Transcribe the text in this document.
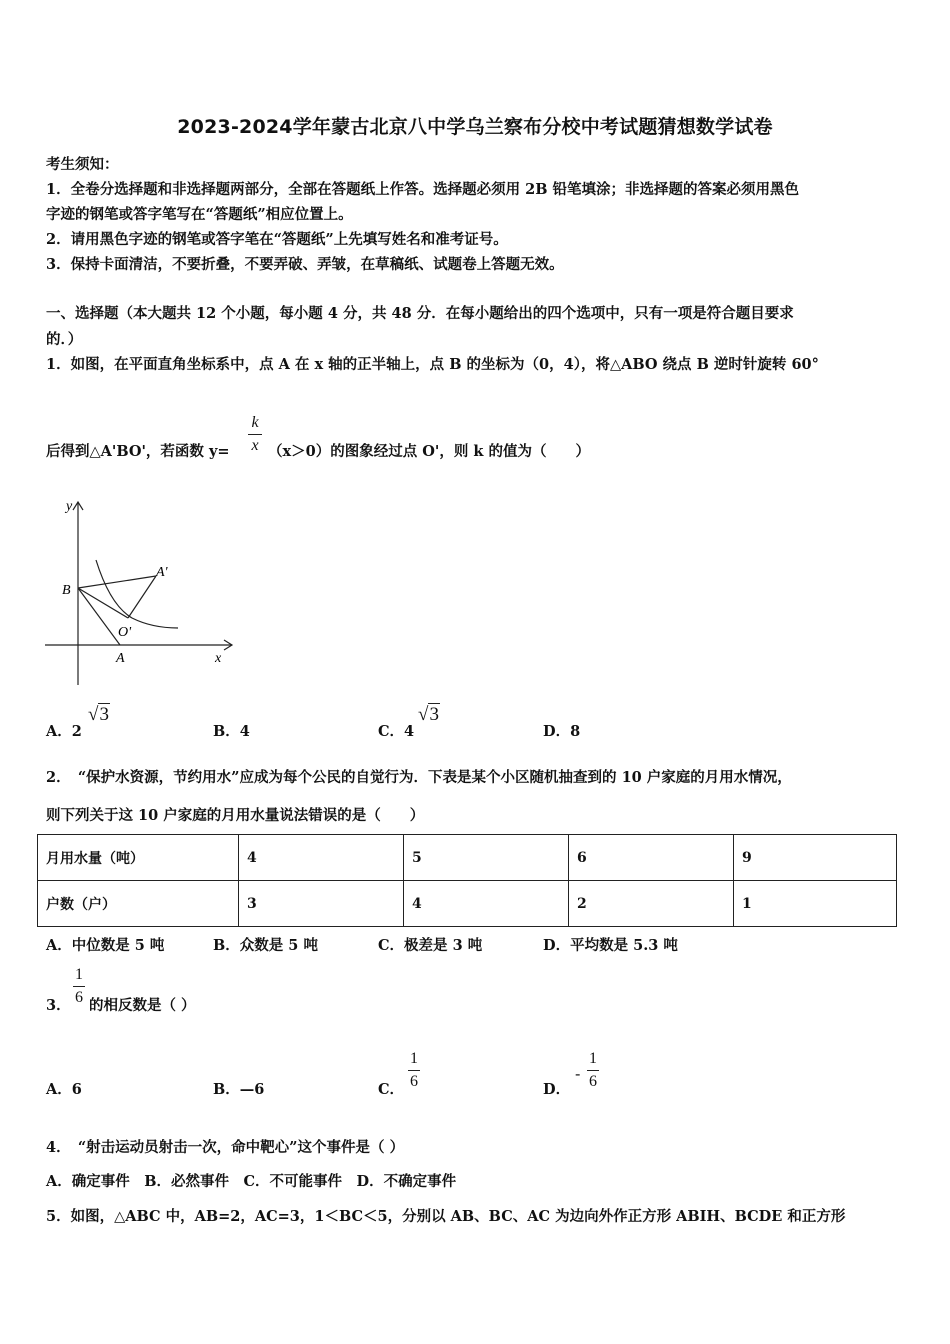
2023-2024学年蒙古北京八中学乌兰察布分校中考试题猜想数学试卷
考生须知：
1．全卷分选择题和非选择题两部分，全部在答题纸上作答。选择题必须用 2B 铅笔填涂；非选择题的答案必须用黑色
字迹的钢笔或答字笔写在“答题纸”相应位置上。
2．请用黑色字迹的钢笔或答字笔在“答题纸”上先填写姓名和准考证号。
3．保持卡面清洁，不要折叠，不要弄破、弄皱，在草稿纸、试题卷上答题无效。
一、选择题（本大题共 12 个小题，每小题 4 分，共 48 分．在每小题给出的四个选项中，只有一项是符合题目要求
的．）
1．如图，在平面直角坐标系中，点 A 在 x 轴的正半轴上，点 B 的坐标为（0，4），将△ABO 绕点 B 逆时针旋转 60°
后得到△A'BO'，若函数 y=
k
x （x＞0）的图象经过点 O'，则 k 的值为（　　）
y
x
B
A
A'
O'
A．2
√3
B．4	C．4
√3
D．8
2．　“保护水资源，节约用水”应成为每个公民的自觉行为．下表是某个小区随机抽查到的 10 户家庭的月用水情况，
则下列关于这 10 户家庭的月用水量说法错误的是（　　）
月用水量（吨）	4	5	6	9
户数（户）	3	4	2	1
A．中位数是 5 吨	B．众数是 5 吨	C．极差是 3 吨	D．平均数是 5.3 吨
3．
1
6 的相反数是（ ）
A．6	B．—6	C．
1
6	D．
-
1
6
4．　“射击运动员射击一次，命中靶心”这个事件是（ ）
A．确定事件　B．必然事件　C．不可能事件　D．不确定事件
5．如图，△ABC 中，AB=2，AC=3，1＜BC＜5，分别以 AB、BC、AC 为边向外作正方形 ABIH、BCDE 和正方形
